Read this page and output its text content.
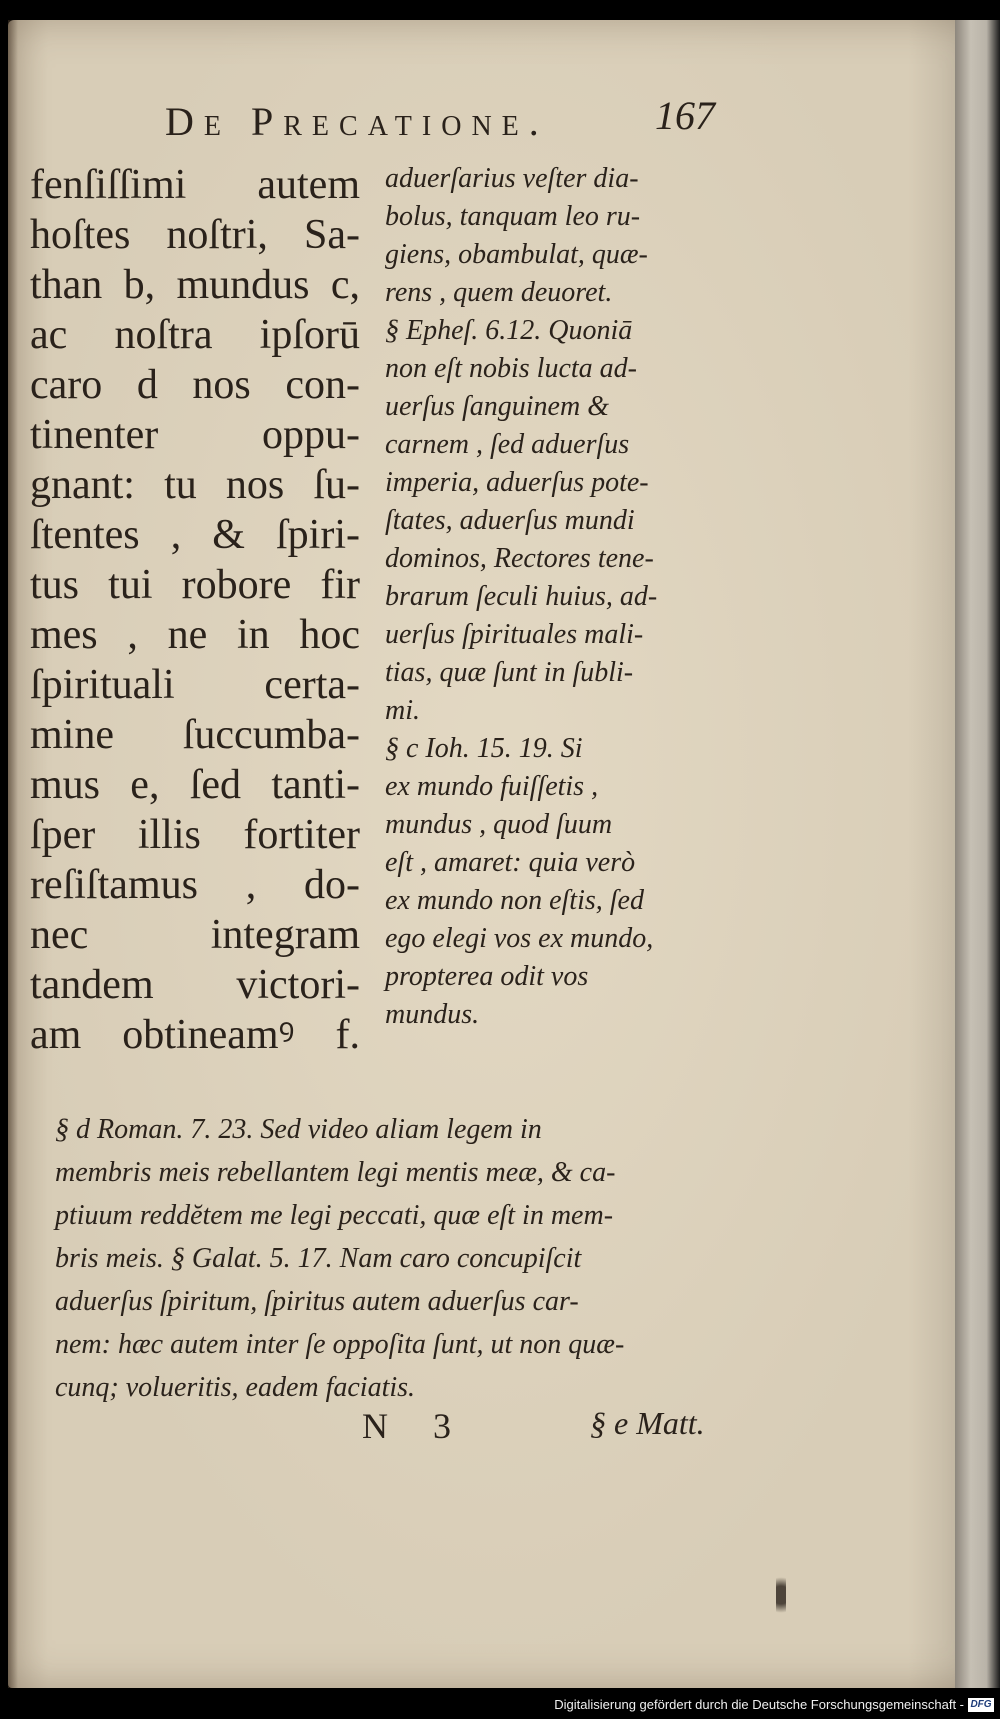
De Precatione.	167
fenſiſſimi autem
hoſtes noſtri, Sa-
than b, mundus c,
ac noſtra ipſorū
caro d nos con-
tinenter oppu-
gnant: tu nos ſu-
ſtentes , & ſpiri-
tus tui robore fir
mes , ne in hoc
ſpirituali certa-
mine ſuccumba-
mus e, ſed tanti-
ſper illis fortiter
reſiſtamus , do-
nec integram
tandem victori-
am obtineamꝰ f.
aduerſarius veſter dia-
bolus, tanquam leo ru-
giens, obambulat, quæ-
rens , quem deuoret.
§ Ephеſ. 6.12. Quoniā
non eſt nobis lucta ad-
uerſus ſanguinem &
carnem , ſed aduerſus
imperia, aduerſus pote-
ſtates, aduerſus mundi
dominos, Rectores tene-
brarum ſeculi huius, ad-
uerſus ſpirituales mali-
tias, quæ ſunt in ſubli-
mi.
§ c Ioh. 15. 19. Si
ex mundo fuiſſetis ,
mundus , quod ſuum
eſt , amaret: quia verò
ex mundo non eſtis, ſed
ego elegi vos ex mundo,
propterea odit vos
mundus.
§ d Roman. 7. 23. Sed video aliam legem in
membris meis rebellantem legi mentis meæ, & ca-
ptiuum reddĕtem me legi peccati, quæ eſt in mem-
bris meis. § Galat. 5. 17. Nam caro concupiſcit
aduerſus ſpiritum, ſpiritus autem aduerſus car-
nem: hæc autem inter ſe oppoſita ſunt, ut non quæ-
cunq; volueritis, eadem faciatis.
N 3	§ e Matt.
Digitalisierung gefördert durch die Deutsche Forschungsgemeinschaft - DFG
